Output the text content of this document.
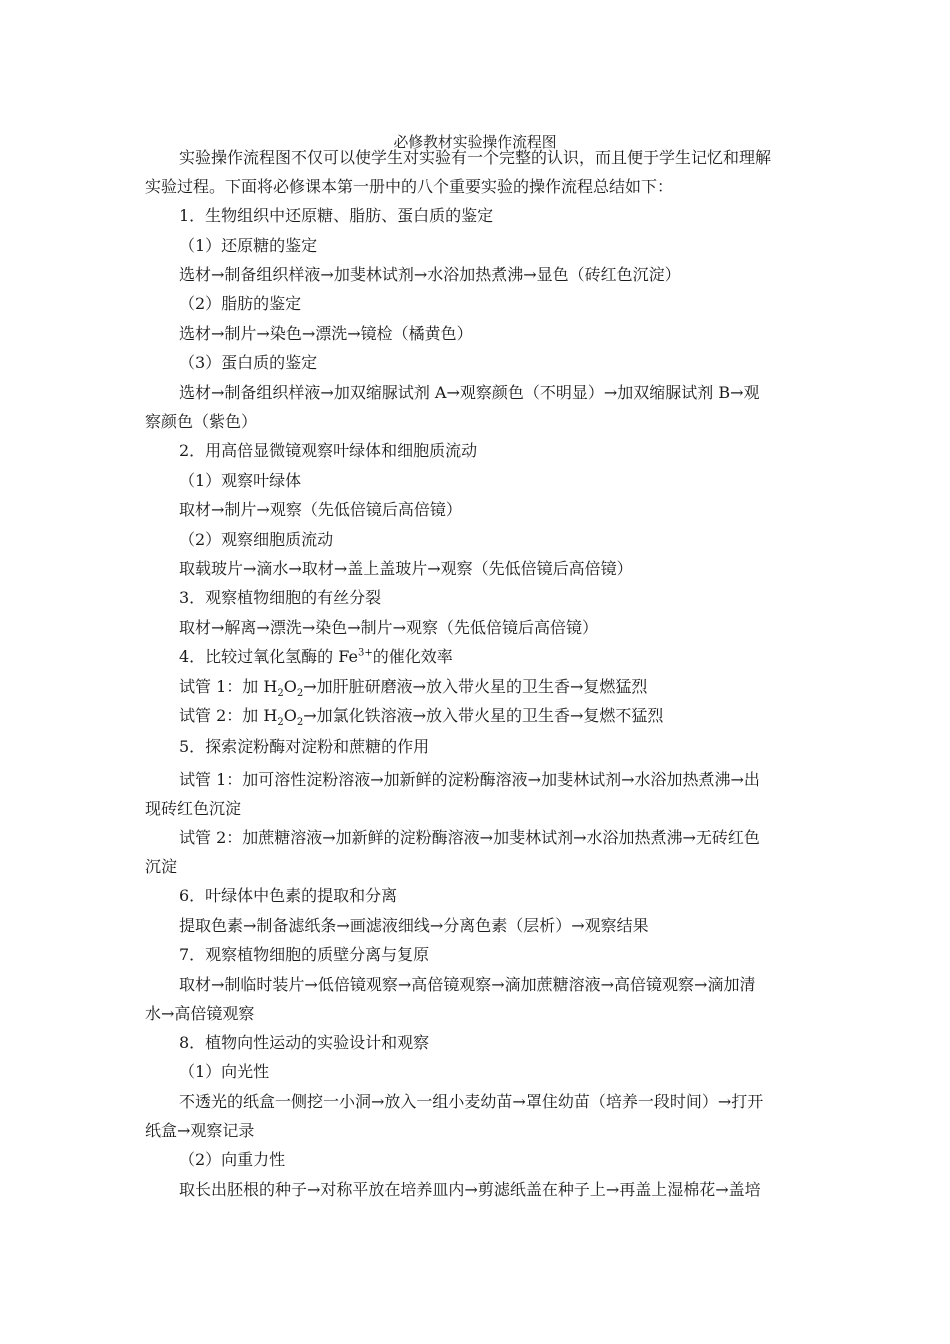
必修教材实验操作流程图
实验操作流程图不仅可以使学生对实验有一个完整的认识，而且便于学生记忆和理解
实验过程。下面将必修课本第一册中的八个重要实验的操作流程总结如下：
1．生物组织中还原糖、脂肪、蛋白质的鉴定
（1）还原糖的鉴定
选材→制备组织样液→加斐林试剂→水浴加热煮沸→显色（砖红色沉淀）
（2）脂肪的鉴定
选材→制片→染色→漂洗→镜检（橘黄色）
（3）蛋白质的鉴定
选材→制备组织样液→加双缩脲试剂 A→观察颜色（不明显）→加双缩脲试剂 B→观
察颜色（紫色）
2．用高倍显微镜观察叶绿体和细胞质流动
（1）观察叶绿体
取材→制片→观察（先低倍镜后高倍镜）
（2）观察细胞质流动
取载玻片→滴水→取材→盖上盖玻片→观察（先低倍镜后高倍镜）
3．观察植物细胞的有丝分裂
取材→解离→漂洗→染色→制片→观察（先低倍镜后高倍镜）
4．比较过氧化氢酶的 $Fe^{3+}$的催化效率
试管 1：加 $H_2O_2\to$加肝脏研磨液→放入带火星的卫生香→复燃猛烈
试管 2：加 $H_2O_2\to$加氯化铁溶液→放入带火星的卫生香→复燃不猛烈
5．探索淀粉酶对淀粉和蔗糖的作用
试管 1：加可溶性淀粉溶液→加新鲜的淀粉酶溶液→加斐林试剂→水浴加热煮沸→出
现砖红色沉淀
试管 2：加蔗糖溶液→加新鲜的淀粉酶溶液→加斐林试剂→水浴加热煮沸→无砖红色
沉淀
6．叶绿体中色素的提取和分离
提取色素→制备滤纸条→画滤液细线→分离色素（层析）→观察结果
7．观察植物细胞的质壁分离与复原
取材→制临时装片→低倍镜观察→高倍镜观察→滴加蔗糖溶液→高倍镜观察→滴加清
水→高倍镜观察
8．植物向性运动的实验设计和观察
（1）向光性
不透光的纸盒一侧挖一小洞→放入一组小麦幼苗→罩住幼苗（培养一段时间）→打开
纸盒→观察记录
（2）向重力性
取长出胚根的种子→对称平放在培养皿内→剪滤纸盖在种子上→再盖上湿棉花→盖培
